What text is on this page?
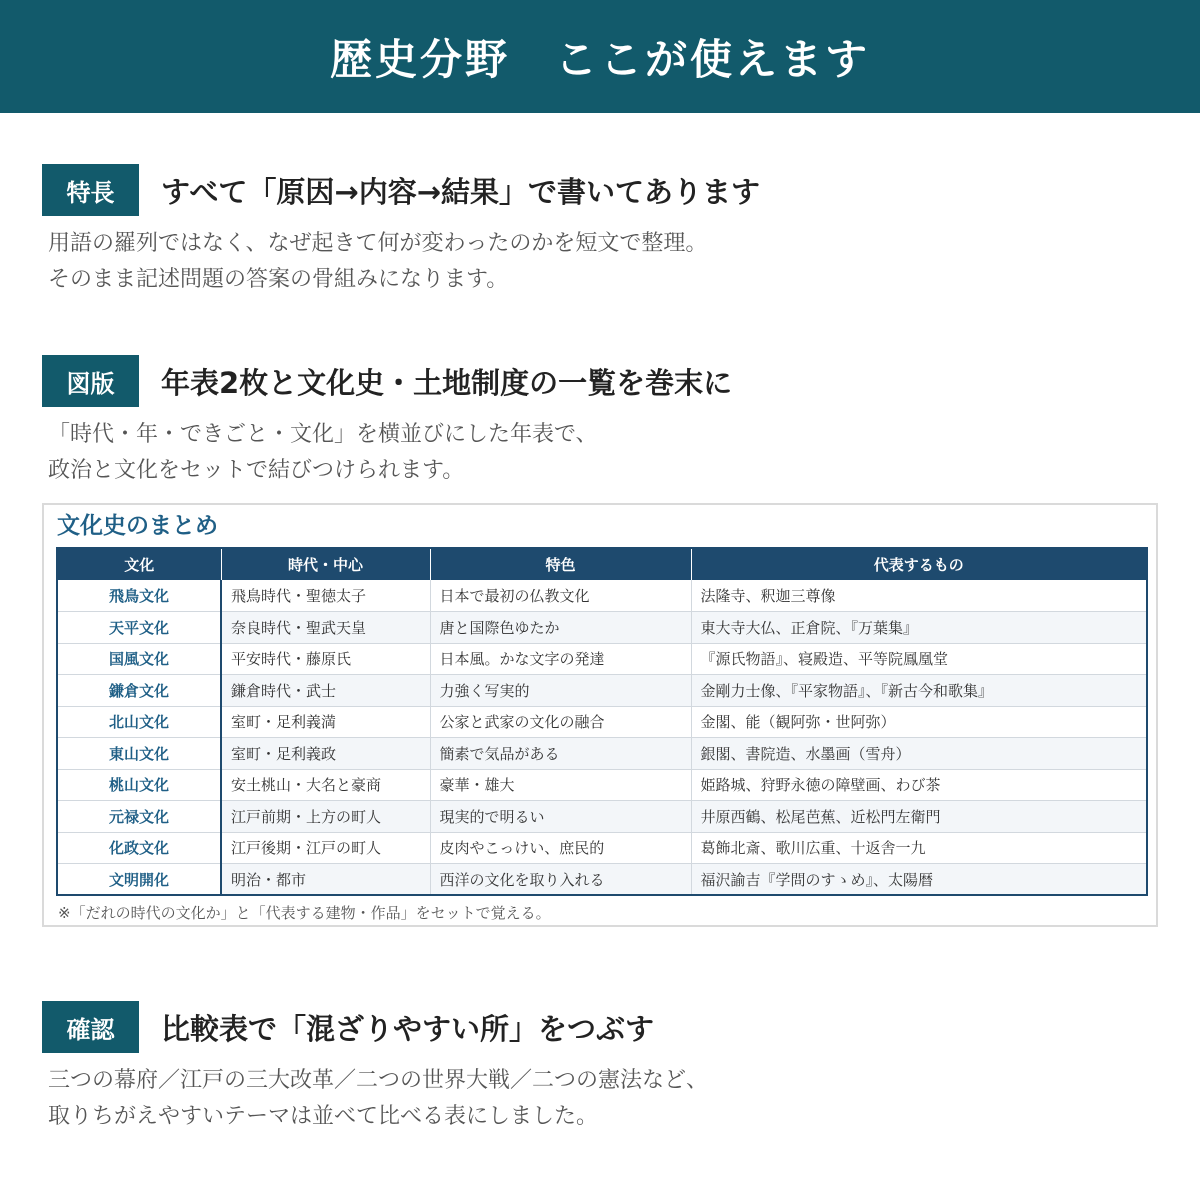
歴史分野　ここが使えます
特長	すべて「原因→内容→結果」で書いてあります
用語の羅列ではなく、なぜ起きて何が変わったのかを短文で整理。
そのまま記述問題の答案の骨組みになります。
図版	年表2枚と文化史・土地制度の一覧を巻末に
「時代・年・できごと・文化」を横並びにした年表で、
政治と文化をセットで結びつけられます。
文化史のまとめ
文化	時代・中心	特色	代表するもの
飛鳥文化	飛鳥時代・聖徳太子	日本で最初の仏教文化	法隆寺、釈迦三尊像
天平文化	奈良時代・聖武天皇	唐と国際色ゆたか	東大寺大仏、正倉院、『万葉集』
国風文化	平安時代・藤原氏	日本風。かな文字の発達	『源氏物語』、寝殿造、平等院鳳凰堂
鎌倉文化	鎌倉時代・武士	力強く写実的	金剛力士像、『平家物語』、『新古今和歌集』
北山文化	室町・足利義満	公家と武家の文化の融合	金閣、能（観阿弥・世阿弥）
東山文化	室町・足利義政	簡素で気品がある	銀閣、書院造、水墨画（雪舟）
桃山文化	安土桃山・大名と豪商	豪華・雄大	姫路城、狩野永徳の障壁画、わび茶
元禄文化	江戸前期・上方の町人	現実的で明るい	井原西鶴、松尾芭蕉、近松門左衛門
化政文化	江戸後期・江戸の町人	皮肉やこっけい、庶民的	葛飾北斎、歌川広重、十返舎一九
文明開化	明治・都市	西洋の文化を取り入れる	福沢諭吉『学問のすゝめ』、太陽暦
※「だれの時代の文化か」と「代表する建物・作品」をセットで覚える。
確認	比較表で「混ざりやすい所」をつぶす
三つの幕府／江戸の三大改革／二つの世界大戦／二つの憲法など、
取りちがえやすいテーマは並べて比べる表にしました。
